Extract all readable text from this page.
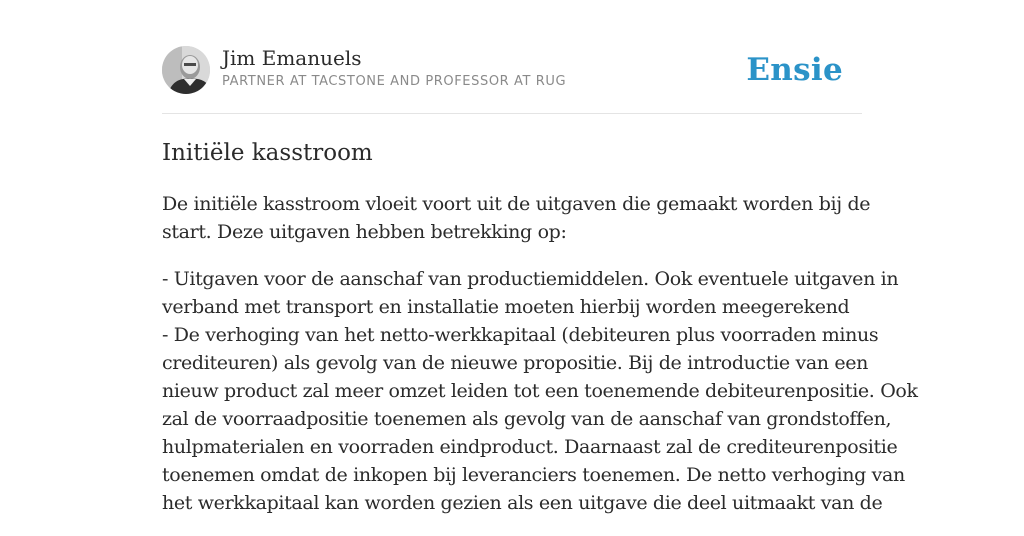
Jim Emanuels
PARTNER AT TACSTONE AND PROFESSOR AT RUG	Ensie
Initiële kasstroom

De initiële kasstroom vloeit voort uit de uitgaven die gemaakt worden bij de
start. Deze uitgaven hebben betrekking op:

- Uitgaven voor de aanschaf van productiemiddelen. Ook eventuele uitgaven in
verband met transport en installatie moeten hierbij worden meegerekend
- De verhoging van het netto-werkkapitaal (debiteuren plus voorraden minus
crediteuren) als gevolg van de nieuwe propositie. Bij de introductie van een
nieuw product zal meer omzet leiden tot een toenemende debiteurenpositie. Ook
zal de voorraadpositie toenemen als gevolg van de aanschaf van grondstoffen,
hulpmaterialen en voorraden eindproduct. Daarnaast zal de crediteurenpositie
toenemen omdat de inkopen bij leveranciers toenemen. De netto verhoging van
het werkkapitaal kan worden gezien als een uitgave die deel uitmaakt van de
